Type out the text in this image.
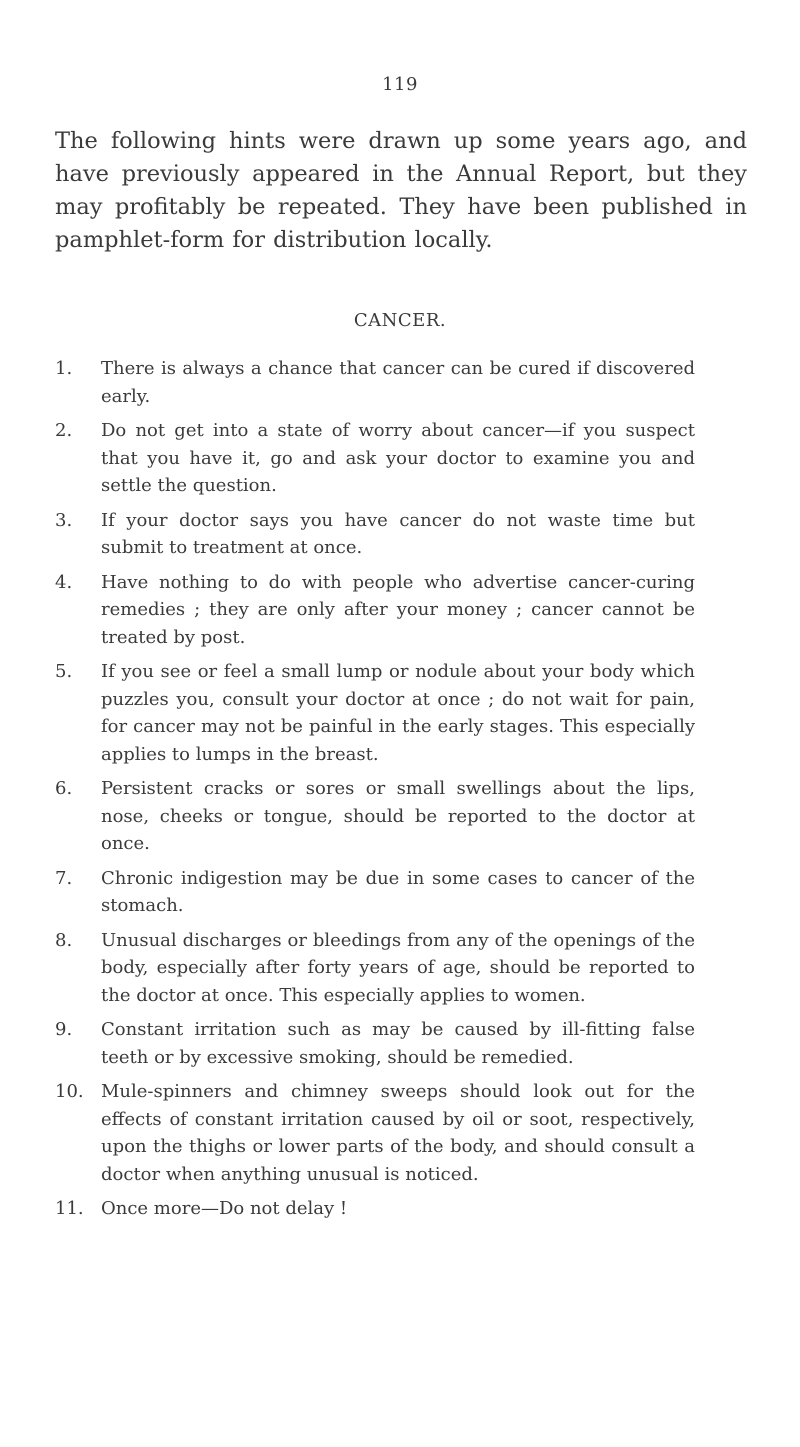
119

The following hints were drawn up some years ago, and have previously appeared in the Annual Report, but they may profitably be repeated. They have been published in pamphlet-form for distribution locally.

CANCER.
1.	There is always a chance that cancer can be cured if discovered early.
2.	Do not get into a state of worry about cancer—if you suspect that you have it, go and ask your doctor to examine you and settle the question.
3.	If your doctor says you have cancer do not waste time but submit to treatment at once.
4.	Have nothing to do with people who advertise cancer-curing remedies ; they are only after your money ; cancer cannot be treated by post.
5.	If you see or feel a small lump or nodule about your body which puzzles you, consult your doctor at once ; do not wait for pain, for cancer may not be painful in the early stages. This especially applies to lumps in the breast.
6.	Persistent cracks or sores or small swellings about the lips, nose, cheeks or tongue, should be reported to the doctor at once.
7.	Chronic indigestion may be due in some cases to cancer of the stomach.
8.	Unusual discharges or bleedings from any of the openings of the body, especially after forty years of age, should be reported to the doctor at once. This especially applies to women.
9.	Constant irritation such as may be caused by ill-fitting false teeth or by excessive smoking, should be remedied.
10. Mule-spinners and chimney sweeps should look out for the effects of constant irritation caused by oil or soot, respectively, upon the thighs or lower parts of the body, and should consult a doctor when anything unusual is noticed.
11. Once more—Do not delay !
